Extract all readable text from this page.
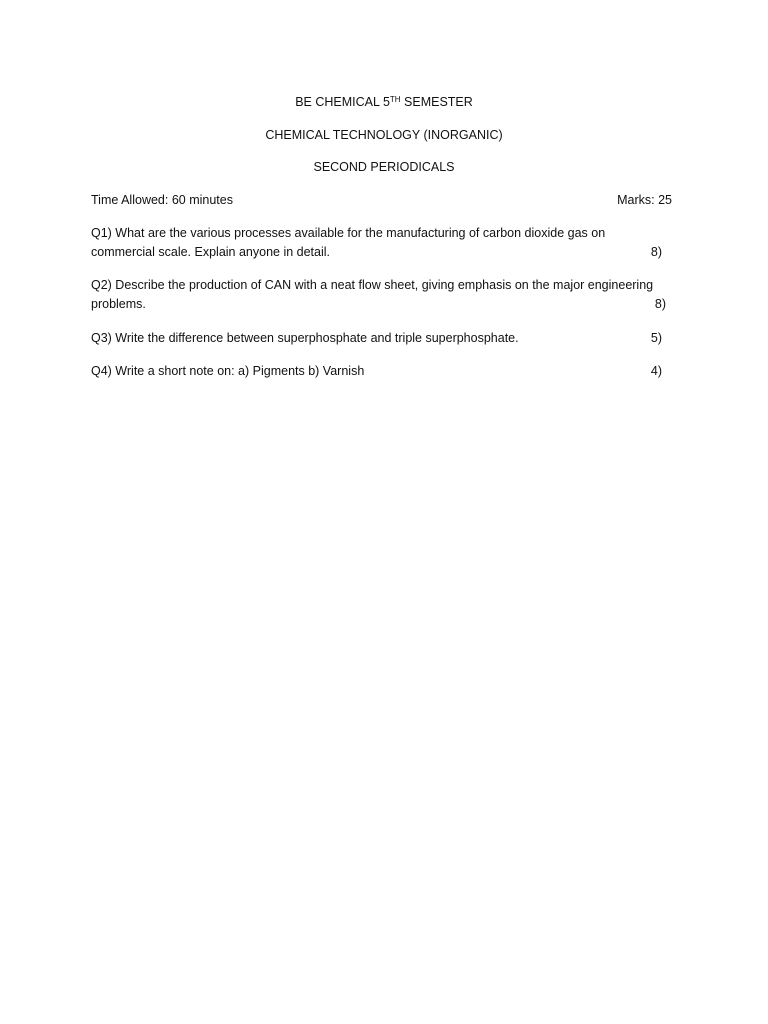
BE CHEMICAL 5TH SEMESTER
CHEMICAL TECHNOLOGY (INORGANIC)
SECOND PERIODICALS
Time Allowed: 60 minutes	Marks: 25
Q1) What are the various processes available for the manufacturing of carbon dioxide gas on
commercial scale. Explain anyone in detail.	8)
Q2) Describe the production of CAN with a neat flow sheet, giving emphasis on the major engineering
problems.	8)
Q3) Write the difference between superphosphate and triple superphosphate.	5)
Q4) Write a short note on: a) Pigments b) Varnish	4)
